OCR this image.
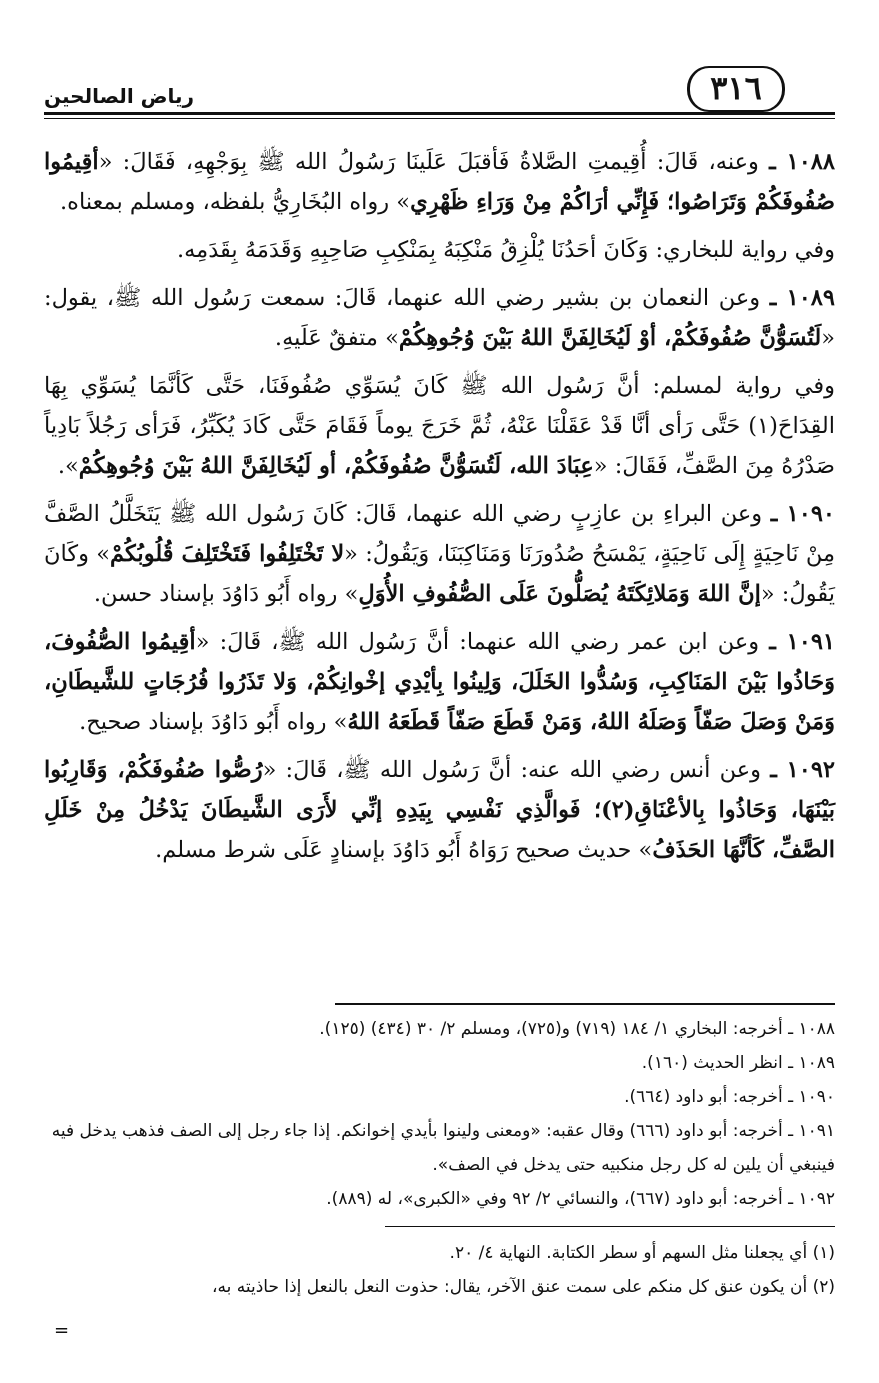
٣١٦
رياض الصالحين

١٠٨٨ ـ وعنه، قَالَ: أُقِيمتِ الصَّلاةُ فَأقبَلَ عَلَينَا رَسُولُ الله ﷺ بِوَجْهِهِ، فَقَالَ: «أقِيمُوا صُفُوفَكُمْ وَتَرَاصُوا؛ فَإِنِّي أرَاكُمْ مِنْ وَرَاءِ ظَهْرِي» رواه البُخَارِيُّ بلفظه، ومسلم بمعناه.

وفي رواية للبخاري: وَكَانَ أحَدُنَا يُلْزِقُ مَنْكِبَهُ بِمَنْكِبِ صَاحِبِهِ وَقَدَمَهُ بِقَدَمِه.

١٠٨٩ ـ وعن النعمان بن بشير رضي الله عنهما، قَالَ: سمعت رَسُول الله ﷺ، يقول: «لَتُسَوُّنَّ صُفُوفَكُمْ، أوْ لَيُخَالِفَنَّ اللهُ بَيْنَ وُجُوهِكُمْ» متفقٌ عَلَيهِ.

وفي رواية لمسلم: أنَّ رَسُول الله ﷺ كَانَ يُسَوِّي صُفُوفَنَا، حَتَّى كَأنَّمَا يُسَوِّي بِهَا القِدَاحَ(١) حَتَّى رَأى أنَّا قَدْ عَقَلْنَا عَنْهُ، ثُمَّ خَرَجَ يوماً فَقَامَ حَتَّى كَادَ يُكَبِّرُ، فَرَأى رَجُلاً بَادِياً صَدْرُهُ مِنَ الصَّفِّ، فَقَالَ: «عِبَادَ الله، لَتُسَوُّنَّ صُفُوفَكُمْ، أو لَيُخَالِفَنَّ اللهُ بَيْنَ وُجُوهِكُمْ».

١٠٩٠ ـ وعن البراءِ بن عازِبٍ رضي الله عنهما، قَالَ: كَانَ رَسُول الله ﷺ يَتَخَلَّلُ الصَّفَّ مِنْ نَاحِيَةٍ إِلَى نَاحِيَةٍ، يَمْسَحُ صُدُورَنَا وَمَنَاكِبَنَا، وَيَقُولُ: «لا تَخْتَلِفُوا فَتَخْتَلِفَ قُلُوبُكُمْ» وكَانَ يَقُولُ: «إنَّ اللهَ وَمَلائِكَتَهُ يُصَلُّونَ عَلَى الصُّفُوفِ الأُوَلِ» رواه أَبُو دَاوُدَ بإسناد حسن.

١٠٩١ ـ وعن ابن عمر رضي الله عنهما: أنَّ رَسُول الله ﷺ، قَالَ: «أقِيمُوا الصُّفُوفَ، وَحَاذُوا بَيْنَ المَنَاكِبِ، وَسُدُّوا الخَلَلَ، وَلِينُوا بِأيْدِي إخْوانِكُمْ، وَلا تَذَرُوا فُرُجَاتٍ للشَّيطَانِ، وَمَنْ وَصَلَ صَفّاً وَصَلَهُ اللهُ، وَمَنْ قَطَعَ صَفّاً قَطَعَهُ اللهُ» رواه أَبُو دَاوُدَ بإسناد صحيح.

١٠٩٢ ـ وعن أنس رضي الله عنه: أنَّ رَسُول الله ﷺ، قَالَ: «رُصُّوا صُفُوفَكُمْ، وَقَارِبُوا بَيْنَهَا، وَحَاذُوا بِالأعْنَاقِ(٢)؛ فَوالَّذِي نَفْسِي بِيَدِهِ إنِّي لأَرَى الشَّيطَانَ يَدْخُلُ مِنْ خَلَلِ الصَّفِّ، كَأنَّهَا الحَذَفُ» حديث صحيح رَوَاهُ أَبُو دَاوُدَ بإسنادٍ عَلَى شرط مسلم.

١٠٨٨ ـ أخرجه: البخاري ١/ ١٨٤ (٧١٩) و(٧٢٥)، ومسلم ٢/ ٣٠ (٤٣٤) (١٢٥).

١٠٨٩ ـ انظر الحديث (١٦٠).

١٠٩٠ ـ أخرجه: أبو داود (٦٦٤).

١٠٩١ ـ أخرجه: أبو داود (٦٦٦) وقال عقبه: «ومعنى ولينوا بأيدي إخوانكم. إذا جاء رجل إلى الصف فذهب يدخل فيه فينبغي أن يلين له كل رجل منكبيه حتى يدخل في الصف».

١٠٩٢ ـ أخرجه: أبو داود (٦٦٧)، والنسائي ٢/ ٩٢ وفي «الكبرى»، له (٨٨٩).

(١) أي يجعلنا مثل السهم أو سطر الكتابة. النهاية ٤/ ٢٠.

(٢) أن يكون عنق كل منكم على سمت عنق الآخر، يقال: حذوت النعل بالنعل إذا حاذيته به،

=
